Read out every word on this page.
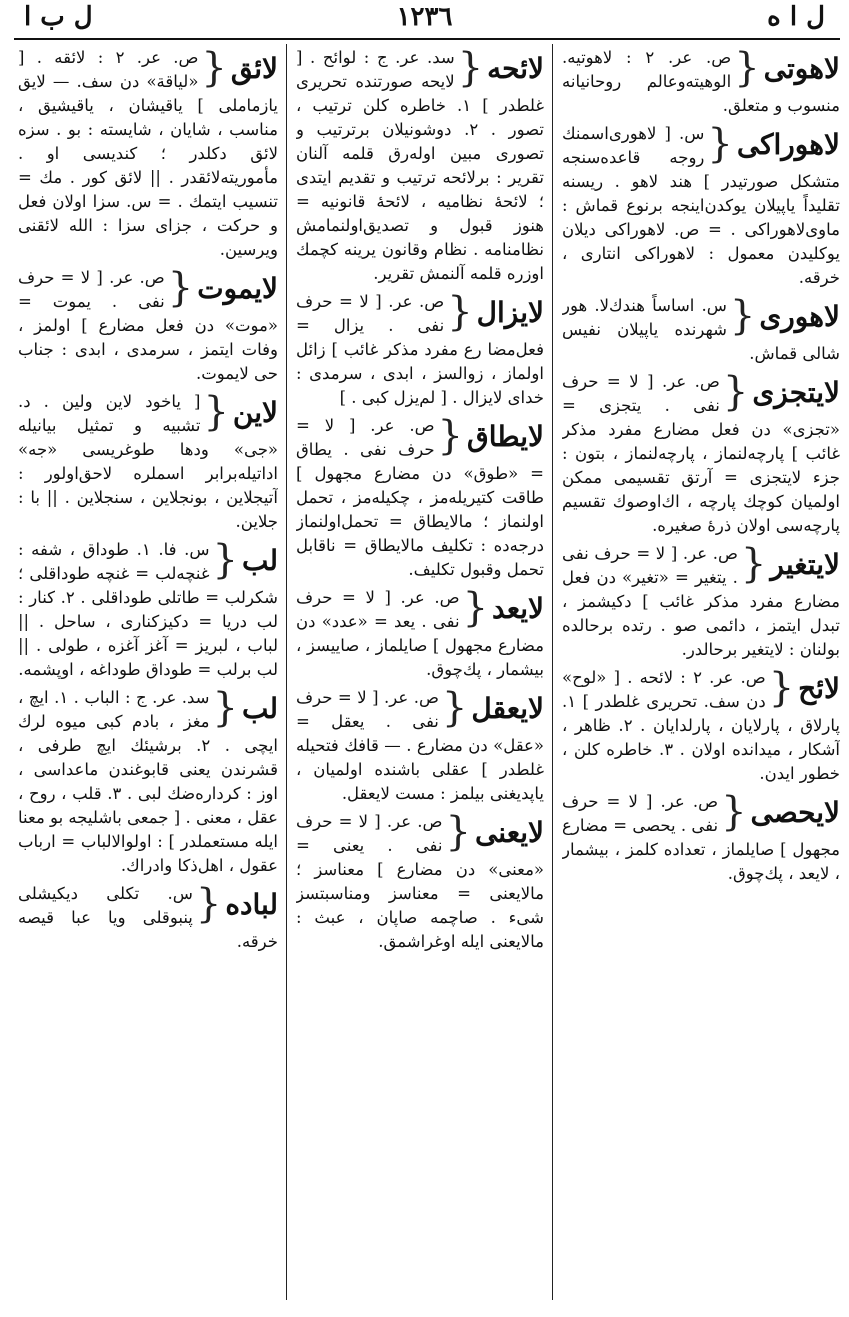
ل ا ه
١٢٣٦
ل ب ا
لاهوتی
{
ص. عر. ٢ : لاهوتیه. الوهیته‌وعالم روحانیانه منسوب و متعلق.
لاهوراكی
{
س. [ لاهوری‌اسمنك روجه قاعده‌سنجه متشكل صورتیدر ] هند لاهو . ریسنه تقلیداً یاپیلان یوكدن‌اینجه برنوع قماش : ماوی‌لاهوراكی . = ص. لاهوراكی دیلان یوكلیدن معمول : لاهوراكی انتاری ، خرقه.
لاهوری
{
س. اساساً هندك‌لا. هور شهرنده یاپیلان نفیس شالی قماش.
لایتجزی
{
ص. عر. [ لا = حرف نفی . یتجزی = «تجزی» دن فعل مضارع مفرد مذكر غائب ] پارچه‌لنماز ، پارچه‌لنماز ، بتون : جزء لایتجزی = آرتق تقسیمی ممكن اولمیان كوچك پارچه ، اك‌اوصوك تقسیم پارچه‌سی اولان ذرهٔ صغیره.
لایتغیر
{
ص. عر. [ لا = حرف نفی . یتغیر = «تغیر» دن فعل مضارع مفرد مذكر غائب ] دكیشمز ، تبدل ایتمز ، دائمی صو . رتده برحالده بولنان : لایتغیر برحالدر.
لائح
{
ص. عر. ٢ : لائحه . [ «لوح» دن سف. تحریری غلطدر ] ١. پارلاق ، پارلایان ، پارلدایان . ٢. ظاهر ، آشكار ، میدانده اولان . ٣. خاطره كلن ، خطور ایدن.
لایحصی
{
ص. عر. [ لا = حرف نفی . یحصی = مضارع مجهول ] صایلماز ، تعداده كلمز ، بیشمار ، لایعد ، پك‌چوق.
لائحه
{
سد. عر. ج : لوائح . [ لایحه صورتنده تحریری غلطدر ] ١. خاطره كلن ترتیب ، تصور . ٢. دوشونیلان برترتیب و تصوری مبین اولەرق قلمه آلنان تقریر : برلائحه ترتیب و تقدیم ایتدی ؛ لائحهٔ نظامیه ، لائحهٔ قانونیه = هنوز قبول و تصدیق‌اولنمامش نظامنامه . نظام وقانون یرینه كچمك اوزره قلمه آلنمش تقریر.
لایزال
{
ص. عر. [ لا = حرف نفی . یزال = فعل‌مضا رع مفرد مذكر غائب ] زائل اولماز ، زوالسز ، ابدی ، سرمدی : خدای لایزال . [ لم‌یزل كبی . ]
لایطاق
{
ص. عر. [ لا = حرف نفی . یطاق = «طوق» دن مضارع مجهول ] طاقت كتیریلەمز ، چكیلەمز ، تحمل اولنماز ؛ مالایطاق = تحمل‌اولنماز درجەده : تكلیف مالایطاق = ناقابل تحمل وقبول تكلیف.
لایعد
{
ص. عر. [ لا = حرف نفی . یعد = «عدد» دن مضارع مجهول ] صایلماز ، صاییسز ، بیشمار ، پك‌چوق.
لایعقل
{
ص. عر. [ لا = حرف نفی . یعقل = «عقل» دن مضارع . — قافك فتحیله غلطدر ] عقلی باشنده اولمیان ، یاپدیغنی بیلمز : مست لایعقل.
لایعنی
{
ص. عر. [ لا = حرف نفی . یعنی = «معنی» دن مضارع ] معناسز ؛ مالایعنی = معناسز ومناسبتسز شیء . صاچمه صاپان ، عبث : مالایعنی ایله اوغراشمق.
لائق
{
ص. عر. ٢ : لائقه . [ «لیاقة» دن سف. — لایق یازماملی ] یاقیشان ، یاقیشیق ، مناسب ، شایان ، شایسته : بو . سزه لائق دكلدر ؛ كندیسی او . مأموریته‌لائقدر . || لائق كور . مك = تنسیب ایتمك . = س. سزا اولان فعل و حركت ، جزای سزا : الله لائقنی ویرسین.
لایموت
{
ص. عر. [ لا = حرف نفی . یموت = «موت» دن فعل مضارع ] اولمز ، وفات ایتمز ، سرمدی ، ابدی : جناب حی لایموت.
لاین
{
[ یاخود لاین ولین . د. تشبیه و تمثیل بیانیله «جی» ودها طوغریسی «جه» اداتیله‌برابر اسملره لاحق‌اولور : آتیجلاین ، بونجلاین ، سنجلاین . || با : جلاین.
لب
{
س. فا. ١. طوداق ، شفه : غنچه‌لب = غنچه طوداقلی ؛ شكرلب = طاتلی طوداقلی . ٢. كنار : لب دریا = دكیزكناری ، ساحل . || لباب ، لبریز = آغز آغزه ، طولی . || لب برلب = طوداق طوداغه ، اوپشمه.
لب
{
سد. عر. ج : الباب . ١. ایچ ، مغز ، بادم كبی میوه لرك ایچی . ٢. برشیئك ایچ طرفی ، قشرندن یعنی قابوغندن ماعداسی ، اوز : كرداره‌ضك لبی . ٣. قلب ، روح ، عقل ، معنی . [ جمعی باشلیجه بو معنا ایله مستعملدر ] : اولوالالباب = ارباب عقول ، اهل‌ذكا وادراك.
لباده
{
س. تكلی دیكیشلی پنبوقلی ویا عبا قیصه خرقه.
